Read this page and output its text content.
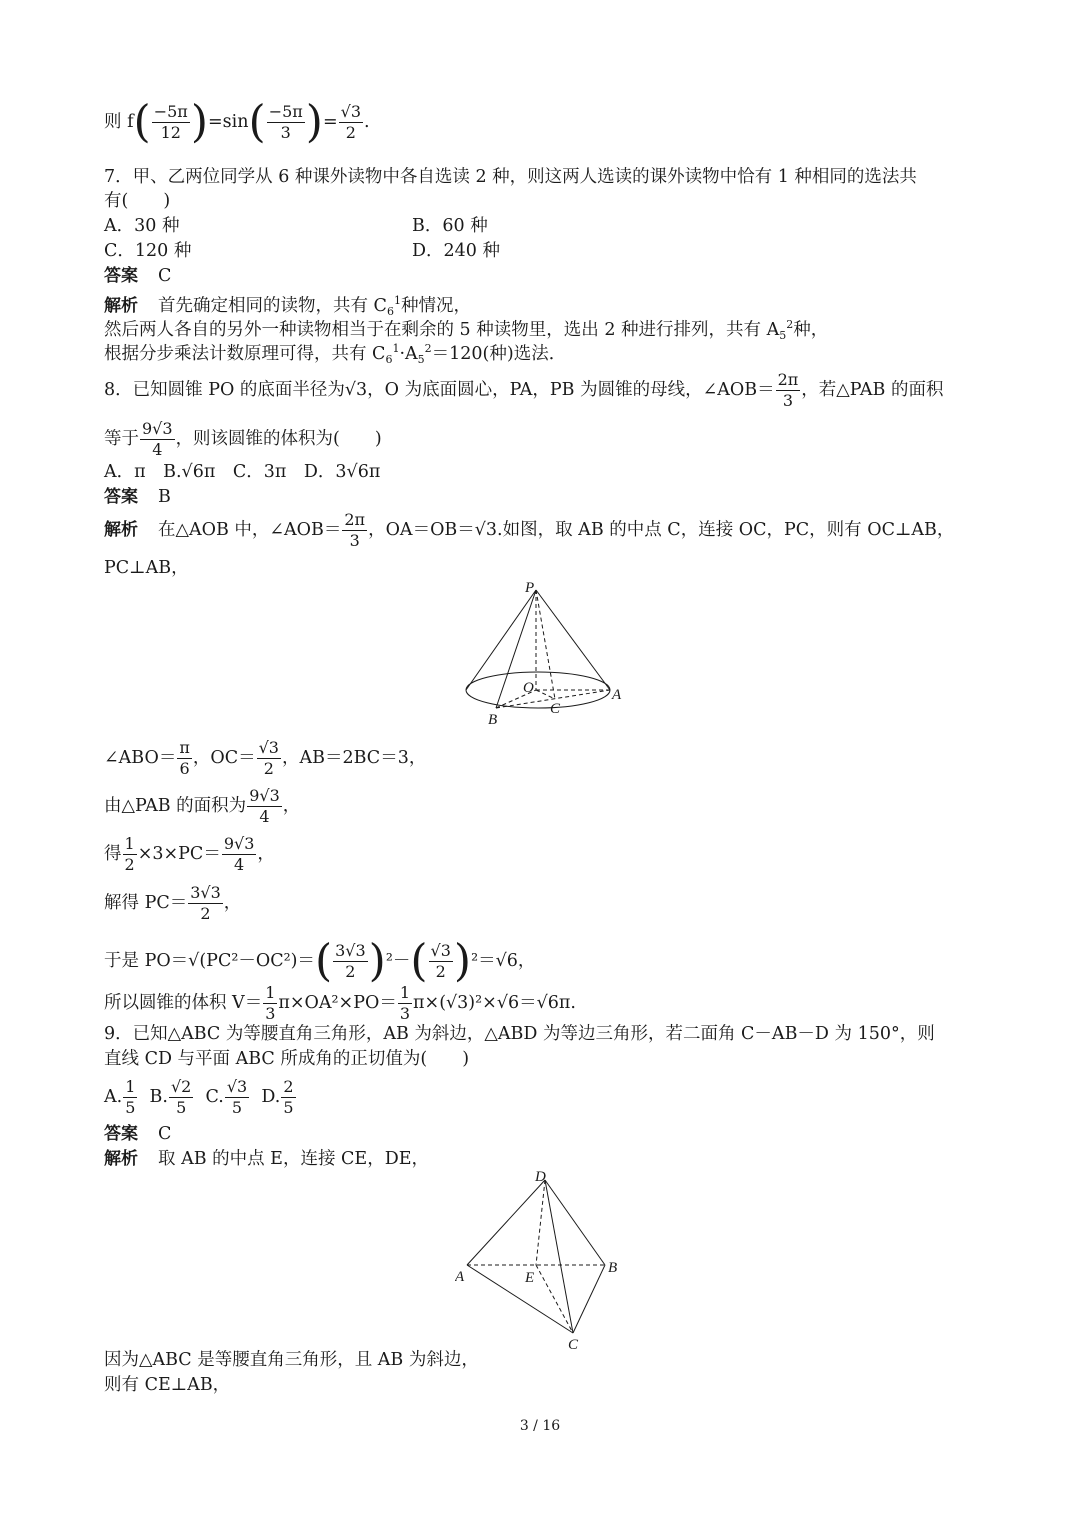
则 $f( \frac{-5\pi}{12} )=\sin( \frac{-5\pi}{3}$ )= $\frac{√3}{2}$ .
7．甲、乙两位同学从 6 种课外读物中各自选读 2 种，则这两人选读的课外读物中恰有 1 种相同的选法共
有(　　)
A．30 种	B．60 种
C．120 种	D．240 种
答案 C
解析 首先确定相同的读物，共有 $C_6^1$种情况，
然后两人各自的另外一种读物相当于在剩余的 5 种读物里，选出 2 种进行排列，共有 $A_5^2$种，
根据分步乘法计数原理可得，共有 $C_6^1\cdot A_5^2=120$(种)选法．
8．已知圆锥 PO 的底面半径为√3，O 为底面圆心，PA，PB 为圆锥的母线，∠AOB＝ $\frac{2\pi}{3}$ ，若△PAB 的面积
等于 $\frac{9√3}{4}$ ，则该圆锥的体积为(　　)
A．π　B.√6π　C．3π　D．3√6π
答案 B
解析 在△AOB 中，∠AOB＝ $\frac{2\pi}{3}$ ，OA＝OB＝√3.如图，取 AB 的中点 C，连接 OC，PC，则有 OC⊥AB，
PC⊥AB，
P
O	A
B
C
∠ABO＝ $\frac{\pi}{6}$ ，$OC= \frac{√3}{2}$ ，AB＝2BC＝3，
由△PAB 的面积为 $\frac{9√3}{4}$ ，
得 $\frac{1}{2} \times 3\times PC= \frac{9√3}{4}$ ，
解得 $PC= \frac{3√3}{2}$ ，
于是 $PO=√(PC^2-OC^2)=( \frac{3√3}{2} )^2-( \frac{√3}{2} )^2=√6$，
所以圆锥的体积 $V= \frac{1}{3} \pi\times OA^2\times PO= \frac{1}{3} \pi\times(√3)^2\times√6=√6\pi$.
9．已知△ABC 为等腰直角三角形，AB 为斜边，△ABD 为等边三角形，若二面角 C－AB－D 为 150°，则
直线 CD 与平面 ABC 所成角的正切值为(　　)
A. $\frac{1}{5} B$. $\frac{√2}{5} C$. $\frac{√3}{5} D$. $\frac{2}{5}$
答案 C
解析 取 AB 的中点 E，连接 CE，DE，
D
A
B
E
C
因为△ABC 是等腰直角三角形，且 AB 为斜边，
则有 CE⊥AB，
3 / 16
